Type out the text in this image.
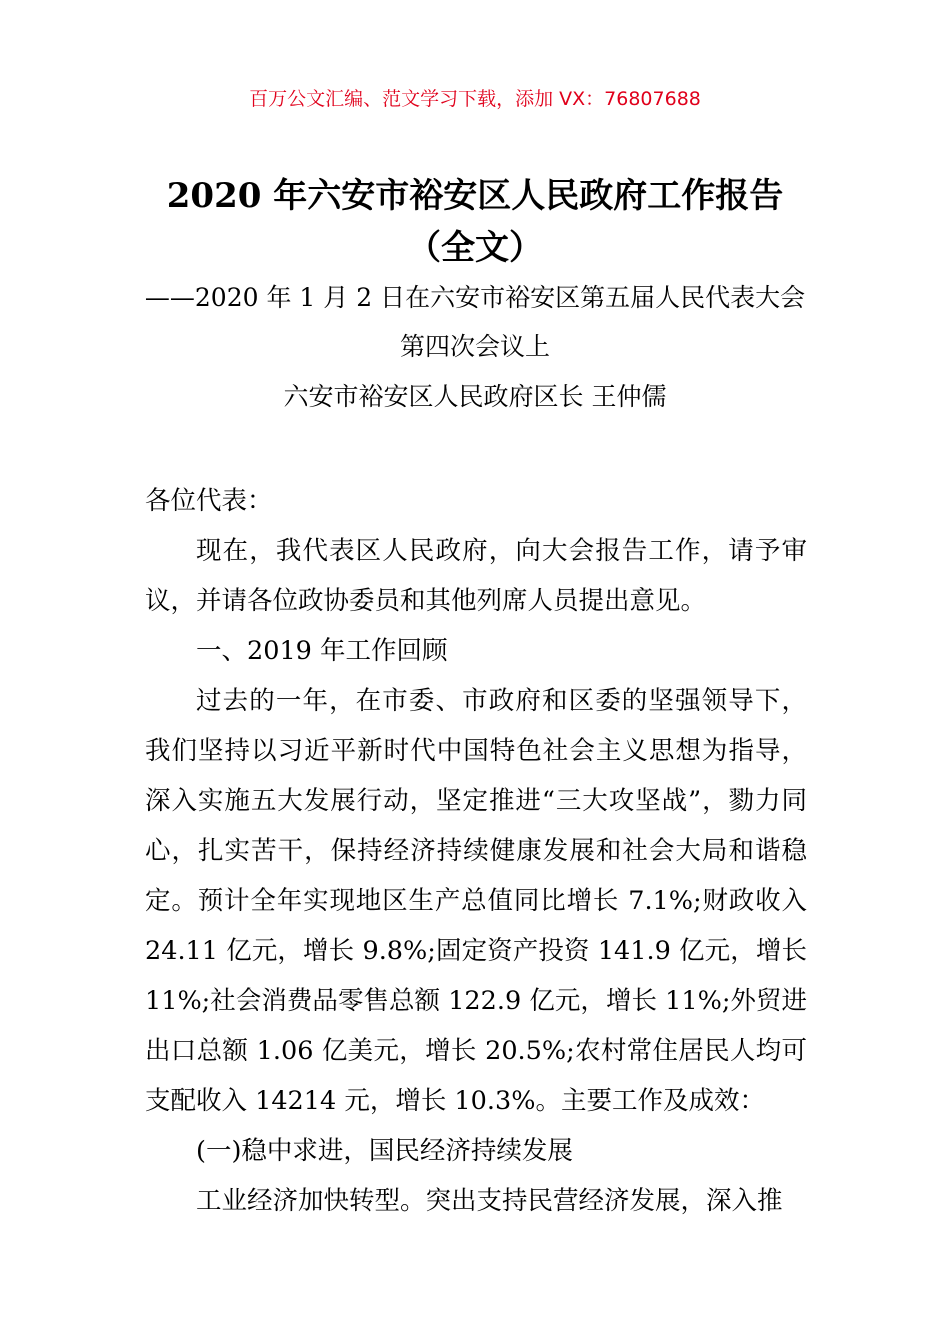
百万公文汇编、范文学习下载，添加 VX：76807688
2020 年六安市裕安区人民政府工作报告
（全文）
——2020 年 1 月 2 日在六安市裕安区第五届人民代表大会
第四次会议上
六安市裕安区人民政府区长 王仲儒

各位代表：

现在，我代表区人民政府，向大会报告工作，请予审议，并请各位政协委员和其他列席人员提出意见。

一、2019 年工作回顾

过去的一年，在市委、市政府和区委的坚强领导下，我们坚持以习近平新时代中国特色社会主义思想为指导，深入实施五大发展行动，坚定推进“三大攻坚战”，勠力同心，扎实苦干，保持经济持续健康发展和社会大局和谐稳定。预计全年实现地区生产总值同比增长 7.1%;财政收入 24.11 亿元，增长 9.8%;固定资产投资 141.9 亿元，增长 11%;社会消费品零售总额 122.9 亿元，增长 11%;外贸进出口总额 1.06 亿美元，增长 20.5%;农村常住居民人均可支配收入 14214 元，增长 10.3%。主要工作及成效：

(一)稳中求进，国民经济持续发展

工业经济加快转型。突出支持民营经济发展，深入推
